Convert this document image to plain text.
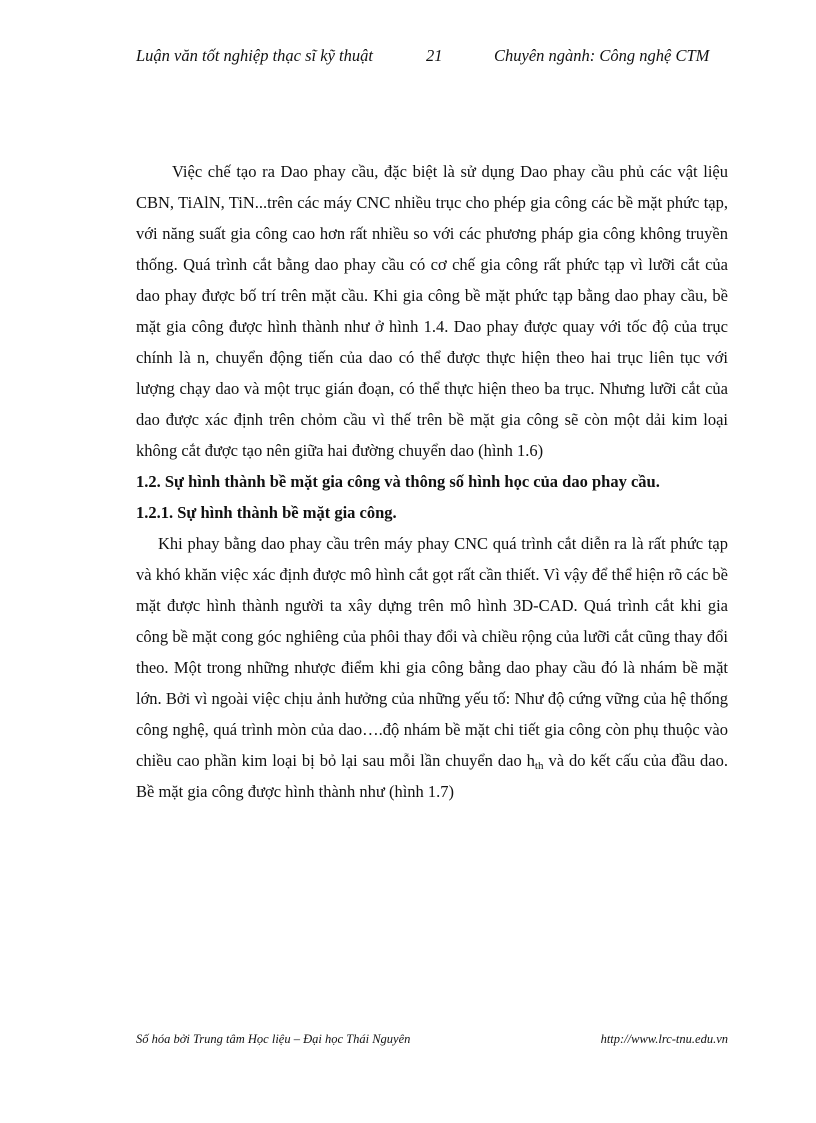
Luận văn tốt nghiệp thạc sĩ kỹ thuật	21	Chuyên ngành: Công nghệ CTM

Việc chế tạo ra Dao phay cầu, đặc biệt là sử dụng Dao phay cầu phủ các vật liệu CBN, TiAlN, TiN...trên các máy CNC nhiều trục cho phép gia công các bề mặt phức tạp, với năng suất gia công cao hơn rất nhiều so với các phương pháp gia công không truyền thống. Quá trình cắt bằng dao phay cầu có cơ chế gia công rất phức tạp vì lưỡi cắt của dao phay được bố trí trên mặt cầu. Khi gia công bề mặt phức tạp bằng dao phay cầu, bề mặt gia công được hình thành như ở hình 1.4. Dao phay được quay với tốc độ của trục chính là n, chuyển động tiến của dao có thể được thực hiện theo hai trục liên tục với lượng chạy dao và một trục gián đoạn, có thể thực hiện theo ba trục. Nhưng lưỡi cắt của dao được xác định trên chỏm cầu vì thế trên bề mặt gia công sẽ còn một dải kim loại không cắt được tạo nên giữa hai đường chuyển dao (hình 1.6)

1.2. Sự hình thành bề mặt gia công và thông số hình học của dao phay cầu.

1.2.1. Sự hình thành bề mặt gia công.

Khi phay bằng dao phay cầu trên máy phay CNC quá trình cắt diễn ra là rất phức tạp và khó khăn việc xác định được mô hình cắt gọt rất cần thiết. Vì vậy để thể hiện rõ các bề mặt được hình thành người ta xây dựng trên mô hình 3D-CAD. Quá trình cắt khi gia công bề mặt cong góc nghiêng của phôi thay đổi và chiều rộng của lưỡi cắt cũng thay đổi theo. Một trong những nhược điểm khi gia công bằng dao phay cầu đó là nhám bề mặt lớn. Bởi vì ngoài việc chịu ảnh hưởng của những yếu tố: Như độ cứng vững của hệ thống công nghệ, quá trình mòn của dao….độ nhám bề mặt chi tiết gia công còn phụ thuộc vào chiều cao phần kim loại bị bỏ lại sau mỗi lần chuyển dao $h_{th}$ và do kết cấu của đầu dao. Bề mặt gia công được hình thành như (hình 1.7)

Số hóa bởi Trung tâm Học liệu – Đại học Thái Nguyên	http://www.lrc-tnu.edu.vn
